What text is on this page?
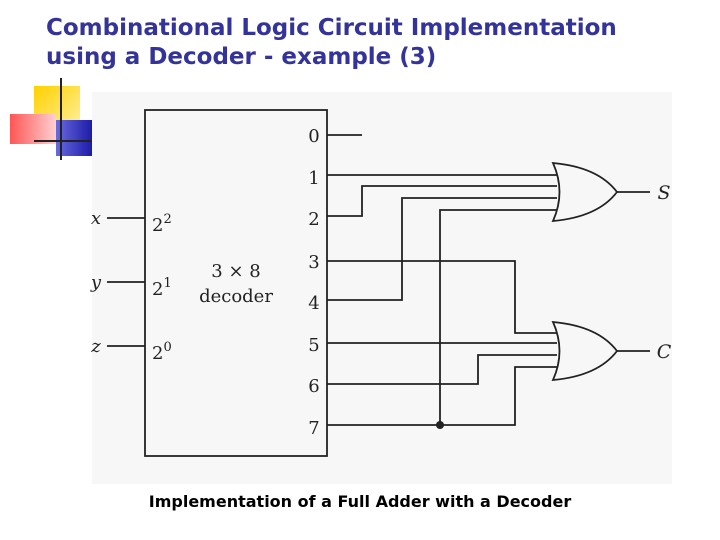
Combinational Logic Circuit Implementation
using a Decoder - example (3)
x
y
z
$2^2$
$2^1$
$2^0$
3 × 8
decoder
0
1
2
3
4
5
6
7
S
C
Implementation of a Full Adder with a Decoder
